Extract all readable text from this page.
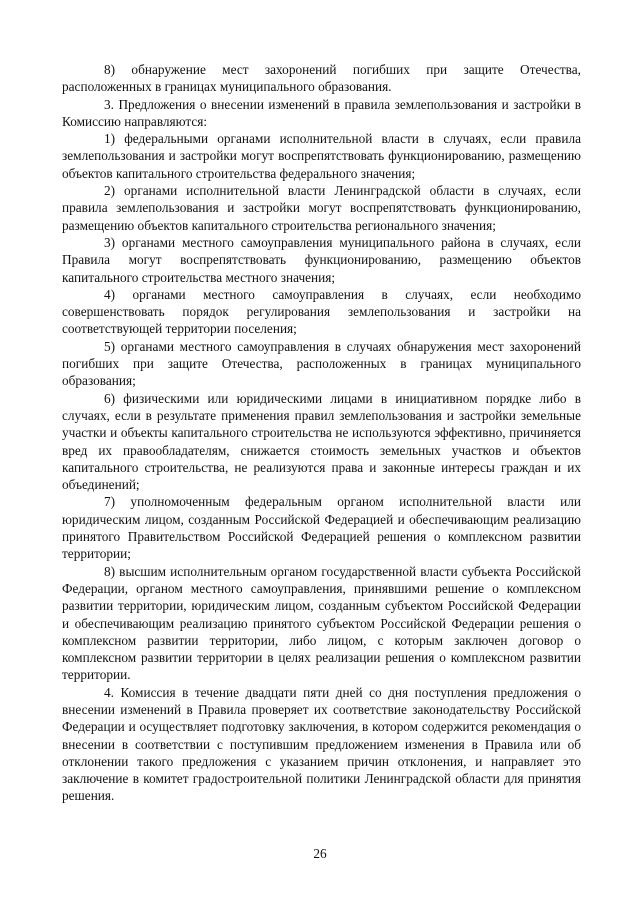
8) обнаружение мест захоронений погибших при защите Отечества, расположенных в границах муниципального образования.

3. Предложения о внесении изменений в правила землепользования и застройки в Комиссию направляются:

1) федеральными органами исполнительной власти в случаях, если правила землепользования и застройки могут воспрепятствовать функционированию, размещению объектов капитального строительства федерального значения;

2) органами исполнительной власти Ленинградской области в случаях, если правила землепользования и застройки могут воспрепятствовать функционированию, размещению объектов капитального строительства регионального значения;

3) органами местного самоуправления муниципального района в случаях, если Правила могут воспрепятствовать функционированию, размещению объектов капитального строительства местного значения;

4) органами местного самоуправления в случаях, если необходимо совершенствовать порядок регулирования землепользования и застройки на соответствующей территории поселения;

5) органами местного самоуправления в случаях обнаружения мест захоронений погибших при защите Отечества, расположенных в границах муниципального образования;

6) физическими или юридическими лицами в инициативном порядке либо в случаях, если в результате применения правил землепользования и застройки земельные участки и объекты капитального строительства не используются эффективно, причиняется вред их правообладателям, снижается стоимость земельных участков и объектов капитального строительства, не реализуются права и законные интересы граждан и их объединений;

7) уполномоченным федеральным органом исполнительной власти или юридическим лицом, созданным Российской Федерацией и обеспечивающим реализацию принятого Правительством Российской Федерацией решения о комплексном развитии территории;

8) высшим исполнительным органом государственной власти субъекта Российской Федерации, органом местного самоуправления, принявшими решение о комплексном развитии территории, юридическим лицом, созданным субъектом Российской Федерации и обеспечивающим реализацию принятого субъектом Российской Федерации решения о комплексном развитии территории, либо лицом, с которым заключен договор о комплексном развитии территории в целях реализации решения о комплексном развитии территории.

4. Комиссия в течение двадцати пяти дней со дня поступления предложения о внесении изменений в Правила проверяет их соответствие законодательству Российской Федерации и осуществляет подготовку заключения, в котором содержится рекомендация о внесении в соответствии с поступившим предложением изменения в Правила или об отклонении такого предложения с указанием причин отклонения, и направляет это заключение в комитет градостроительной политики Ленинградской области для принятия решения.

26
